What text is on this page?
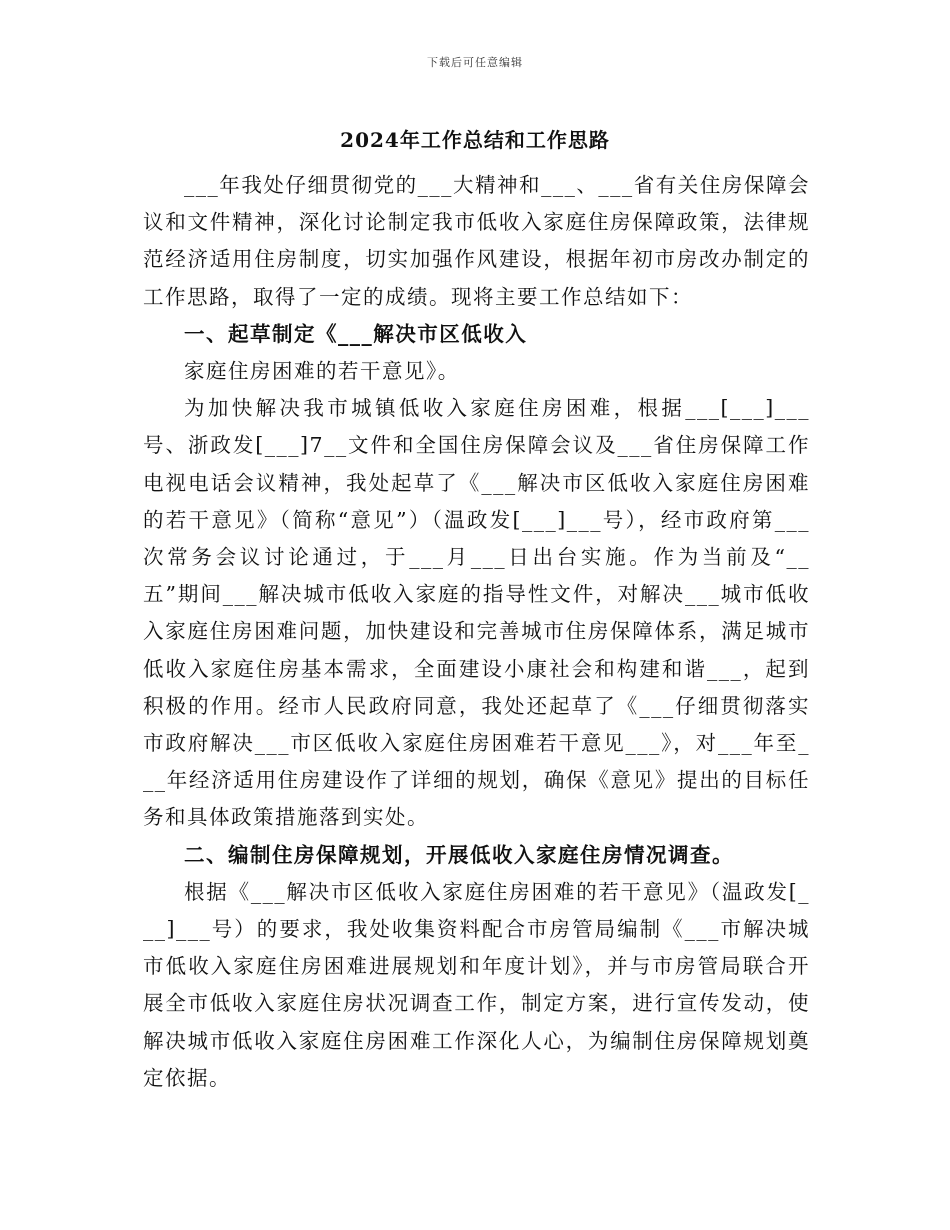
下载后可任意编辑
2024年工作总结和工作思路

___年我处仔细贯彻党的___大精神和___、___省有关住房保障会议和文件精神，深化讨论制定我市低收入家庭住房保障政策，法律规范经济适用住房制度，切实加强作风建设，根据年初市房改办制定的工作思路，取得了一定的成绩。现将主要工作总结如下：

一、起草制定《___解决市区低收入

家庭住房困难的若干意见》。

为加快解决我市城镇低收入家庭住房困难，根据___[___]___号、浙政发[___]7__文件和全国住房保障会议及___省住房保障工作电视电话会议精神，我处起草了《___解决市区低收入家庭住房困难的若干意见》（简称“意见”）（温政发[___]___号），经市政府第___次常务会议讨论通过，于___月___日出台实施。作为当前及“__五”期间___解决城市低收入家庭的指导性文件，对解决___城市低收入家庭住房困难问题，加快建设和完善城市住房保障体系，满足城市低收入家庭住房基本需求，全面建设小康社会和构建和谐___，起到积极的作用。经市人民政府同意，我处还起草了《___仔细贯彻落实市政府解决___市区低收入家庭住房困难若干意见___》，对___年至___年经济适用住房建设作了详细的规划，确保《意见》提出的目标任务和具体政策措施落到实处。

二、编制住房保障规划，开展低收入家庭住房情况调查。

根据《___解决市区低收入家庭住房困难的若干意见》（温政发[___]___号）的要求，我处收集资料配合市房管局编制《___市解决城市低收入家庭住房困难进展规划和年度计划》，并与市房管局联合开展全市低收入家庭住房状况调查工作，制定方案，进行宣传发动，使解决城市低收入家庭住房困难工作深化人心，为编制住房保障规划奠定依据。
